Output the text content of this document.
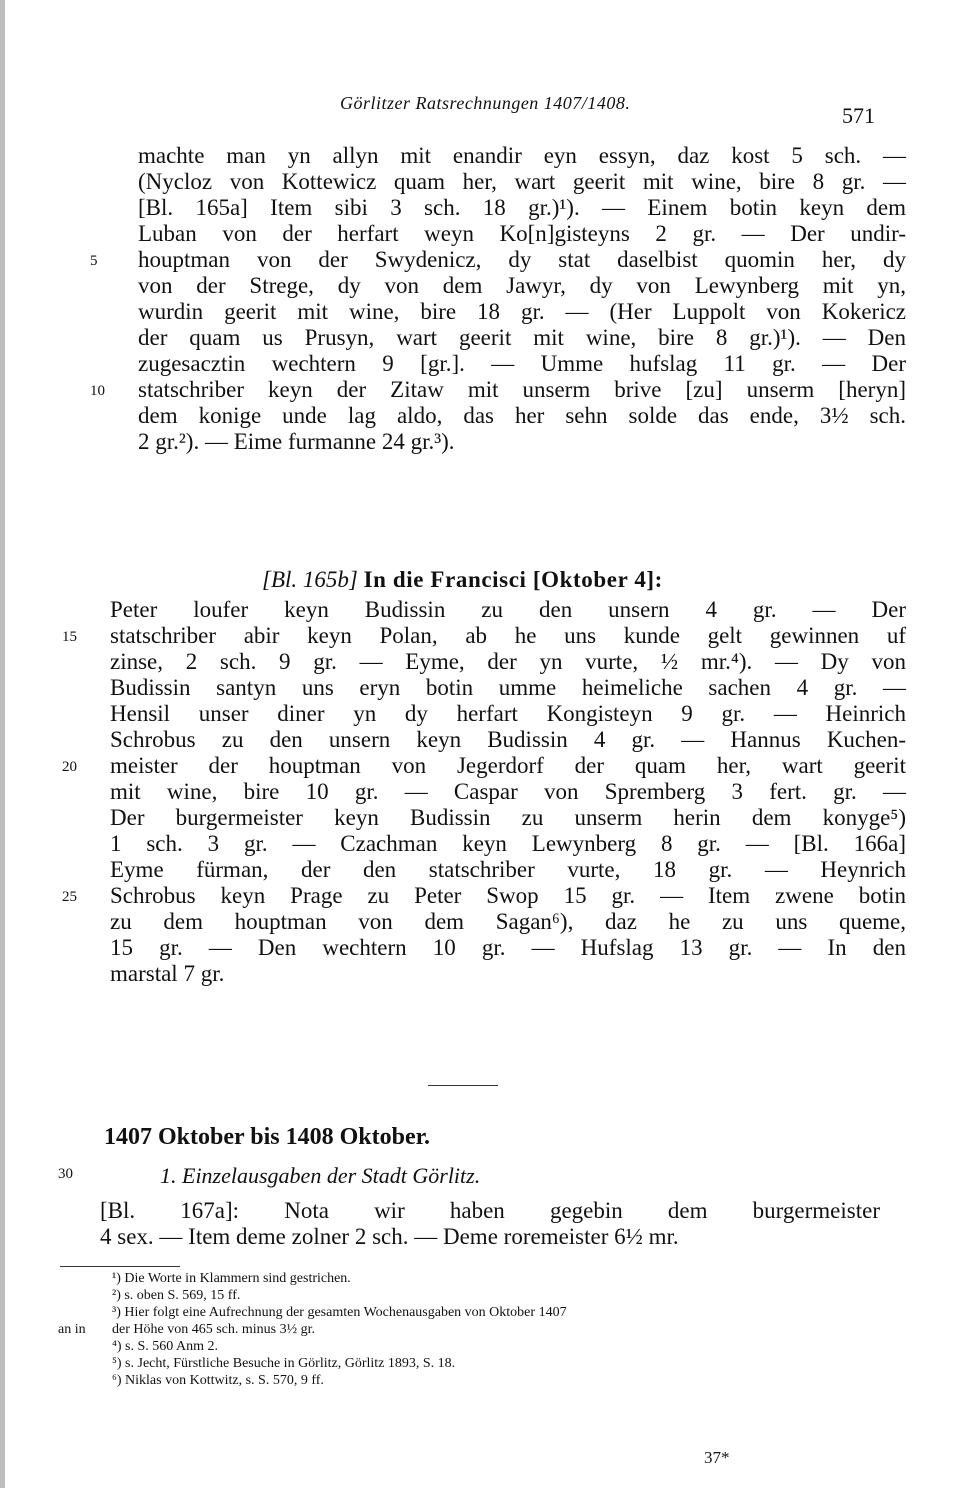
Görlitzer Ratsrechnungen 1407/1408.	571
machte man yn allyn mit enandir eyn essyn, daz kost 5 sch. —
(Nycloz von Kottewicz quam her, wart geerit mit wine, bire 8 gr. —
[Bl. 165a] Item sibi 3 sch. 18 gr.)¹). — Einem botin keyn dem
Luban von der herfart weyn Ko[n]gisteyns 2 gr. — Der undir-
5	houptman von der Swydenicz, dy stat daselbist quomin her, dy
von der Strege, dy von dem Jawyr, dy von Lewynberg mit yn,
wurdin geerit mit wine, bire 18 gr. — (Her Luppolt von Kokericz
der quam us Prusyn, wart geerit mit wine, bire 8 gr.)¹). — Den
zugesacztin wechtern 9 [gr.]. — Umme hufslag 11 gr. — Der
10	statschriber keyn der Zitaw mit unserm brive [zu] unserm [heryn]
dem konige unde lag aldo, das her sehn solde das ende, 3½ sch.
2 gr.²). — Eime furmanne 24 gr.³).
[Bl. 165b] In die Francisci [Oktober 4]:
Peter loufer keyn Budissin zu den unsern 4 gr. — Der
15	statschriber abir keyn Polan, ab he uns kunde gelt gewinnen uf
zinse, 2 sch. 9 gr. — Eyme, der yn vurte, ½ mr.⁴). — Dy von
Budissin santyn uns eryn botin umme heimeliche sachen 4 gr. —
Hensil unser diner yn dy herfart Kongisteyn 9 gr. — Heinrich
Schrobus zu den unsern keyn Budissin 4 gr. — Hannus Kuchen-
20	meister der houptman von Jegerdorf der quam her, wart geerit
mit wine, bire 10 gr. — Caspar von Spremberg 3 fert. gr. —
Der burgermeister keyn Budissin zu unserm herin dem konyge⁵)
1 sch. 3 gr. — Czachman keyn Lewynberg 8 gr. — [Bl. 166a]
Eyme fürman, der den statschriber vurte, 18 gr. — Heynrich
25	Schrobus keyn Prage zu Peter Swop 15 gr. — Item zwene botin
zu dem houptman von dem Sagan⁶), daz he zu uns queme,
15 gr. — Den wechtern 10 gr. — Hufslag 13 gr. — In den
marstal 7 gr.
1407 Oktober bis 1408 Oktober.
30	1. Einzelausgaben der Stadt Görlitz.
[Bl. 167a]: Nota wir haben gegebin dem burgermeister
4 sex. — Item deme zolner 2 sch. — Deme roremeister 6½ mr.
¹) Die Worte in Klammern sind gestrichen.
²) s. oben S. 569, 15 ff.
³) Hier folgt eine Aufrechnung der gesamten Wochenausgaben von Oktober 1407
an in der Höhe von 465 sch. minus 3½ gr.
⁴) s. S. 560 Anm 2.
⁵) s. Jecht, Fürstliche Besuche in Görlitz, Görlitz 1893, S. 18.
⁶) Niklas von Kottwitz, s. S. 570, 9 ff.
37*
